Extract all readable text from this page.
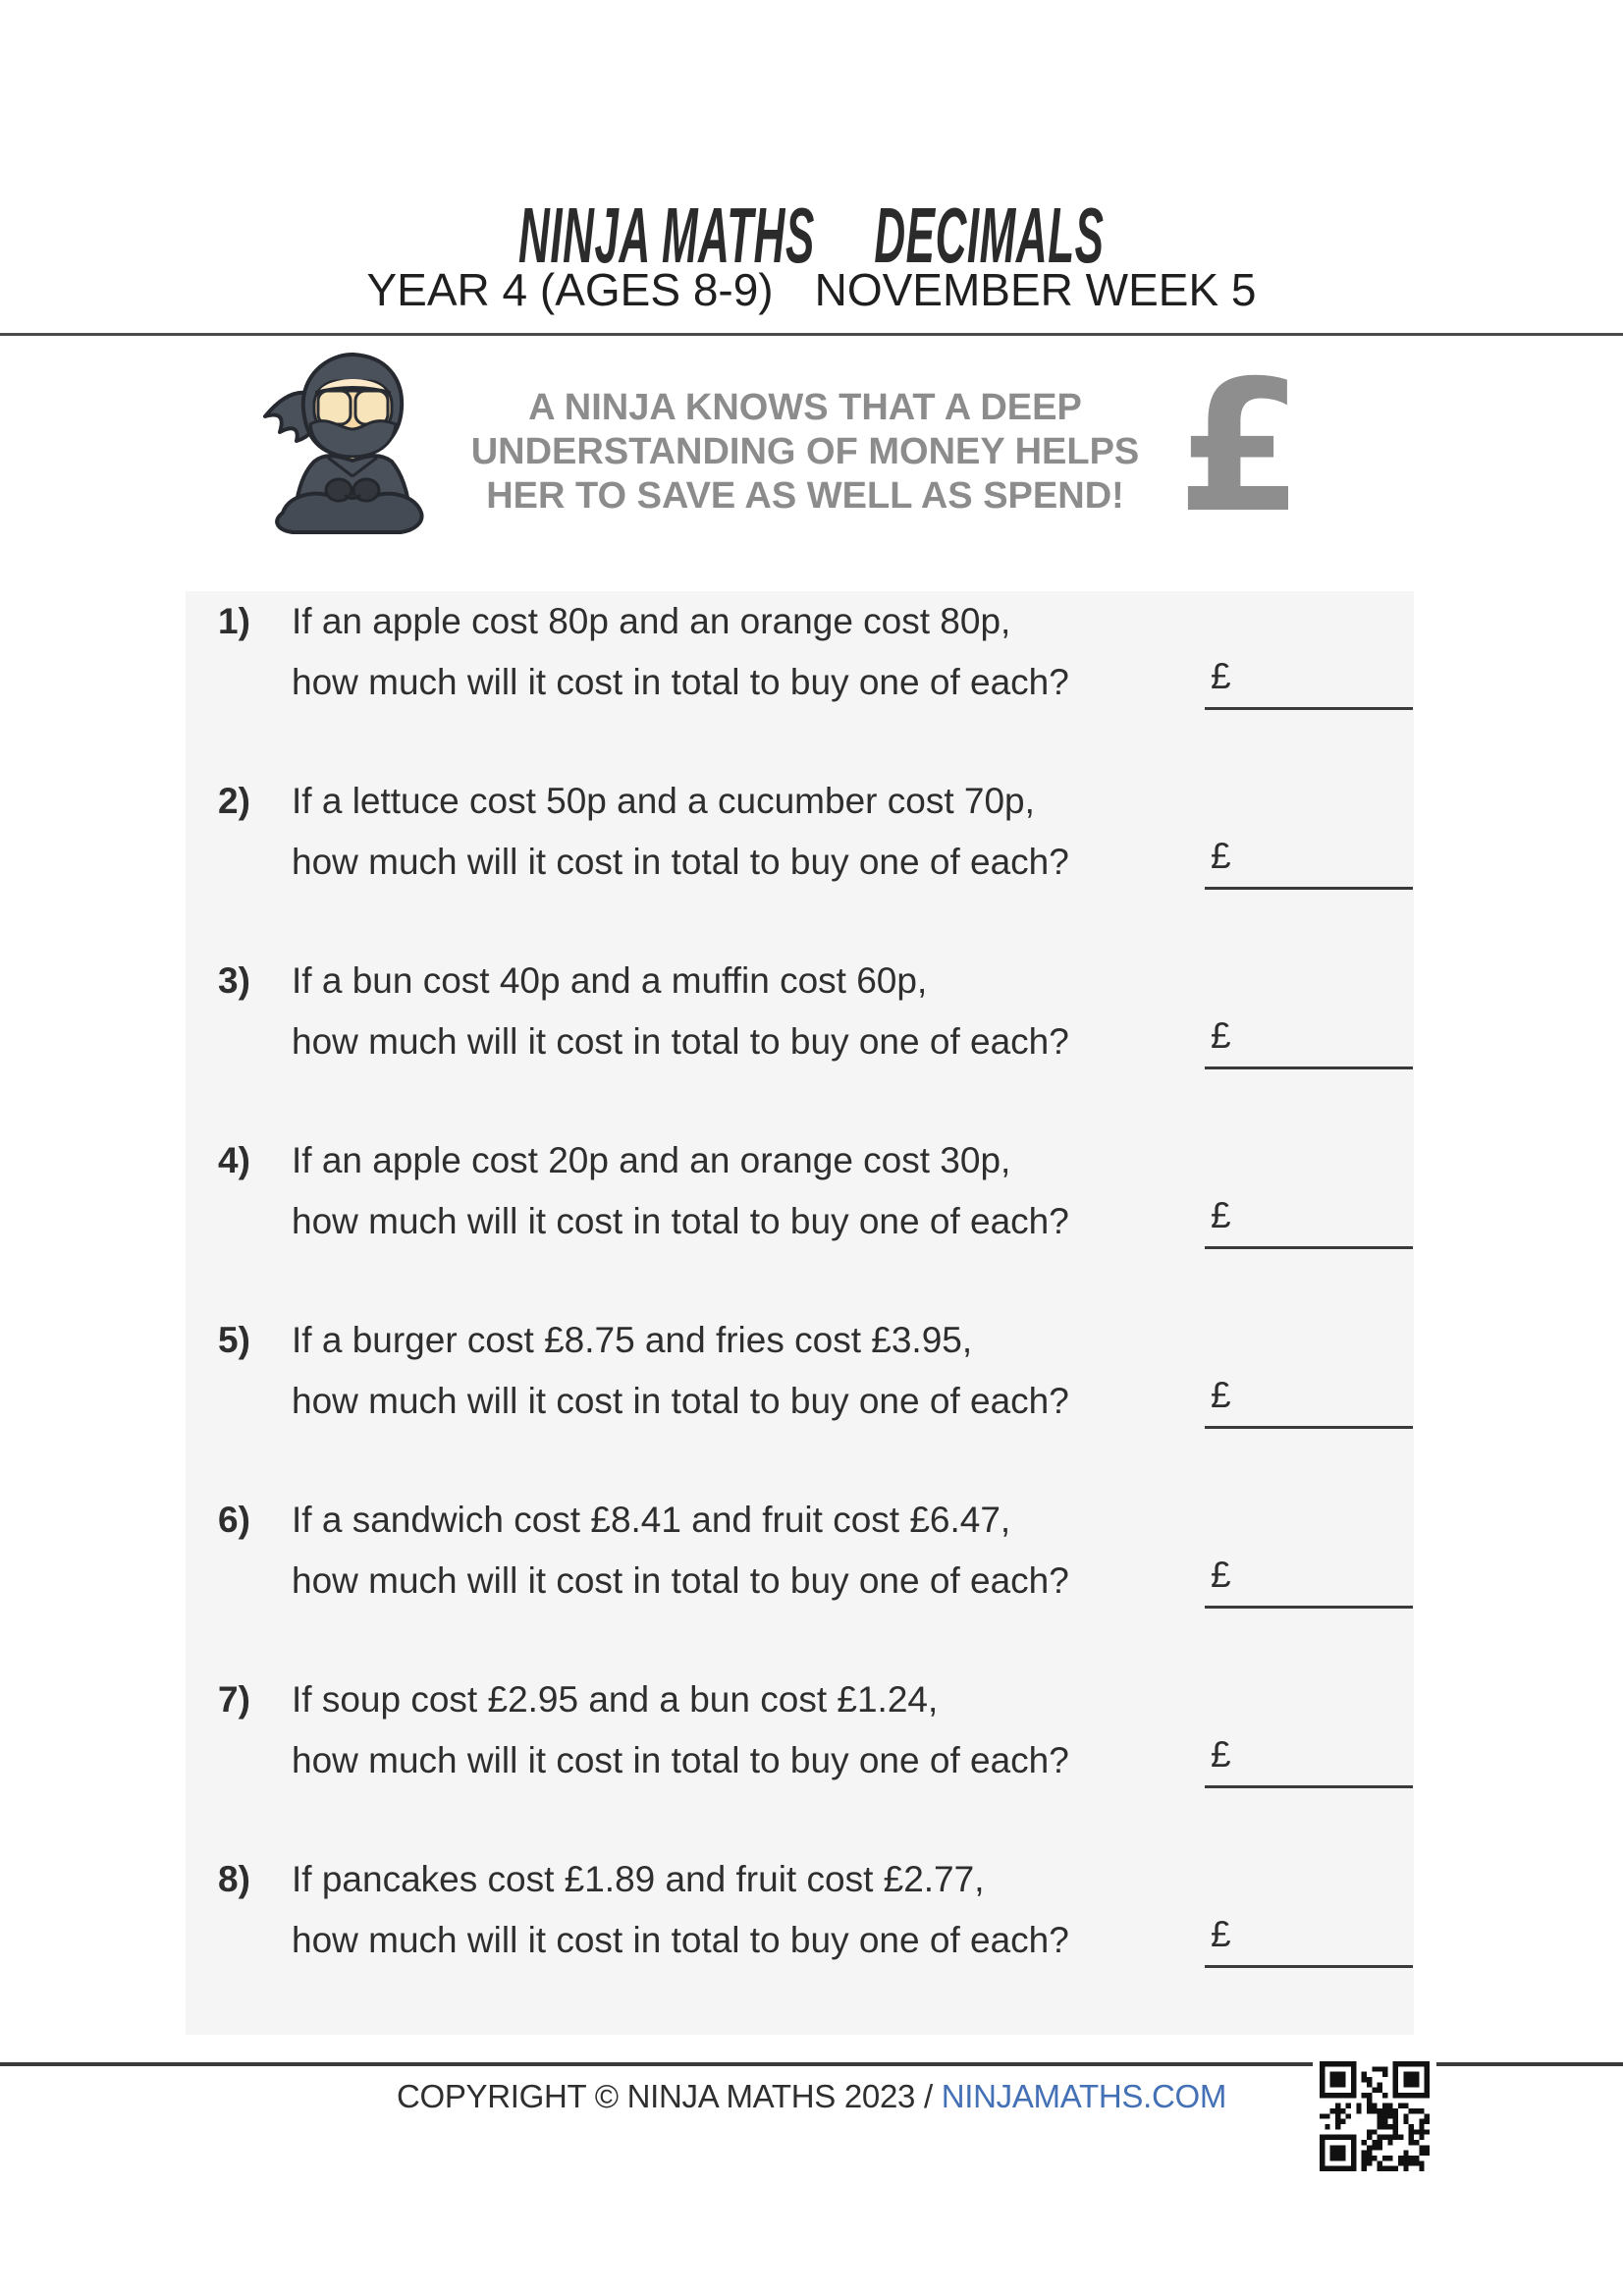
NINJA MATHS DECIMALS
YEAR 4 (AGES 8-9) NOVEMBER WEEK 5
A NINJA KNOWS THAT A DEEP
UNDERSTANDING OF MONEY HELPS
HER TO SAVE AS WELL AS SPEND! £
1) If an apple cost 80p and an orange cost 80p,
how much will it cost in total to buy one of each?	£
2) If a lettuce cost 50p and a cucumber cost 70p,
how much will it cost in total to buy one of each?	£
3) If a bun cost 40p and a muffin cost 60p,
how much will it cost in total to buy one of each?	£
4) If an apple cost 20p and an orange cost 30p,
how much will it cost in total to buy one of each?	£
5) If a burger cost £8.75 and fries cost £3.95,
how much will it cost in total to buy one of each?	£
6) If a sandwich cost £8.41 and fruit cost £6.47,
how much will it cost in total to buy one of each?	£
7) If soup cost £2.95 and a bun cost £1.24,
how much will it cost in total to buy one of each?	£
8) If pancakes cost £1.89 and fruit cost £2.77,
how much will it cost in total to buy one of each?	£
COPYRIGHT © NINJA MATHS 2023 / NINJAMATHS.COM
